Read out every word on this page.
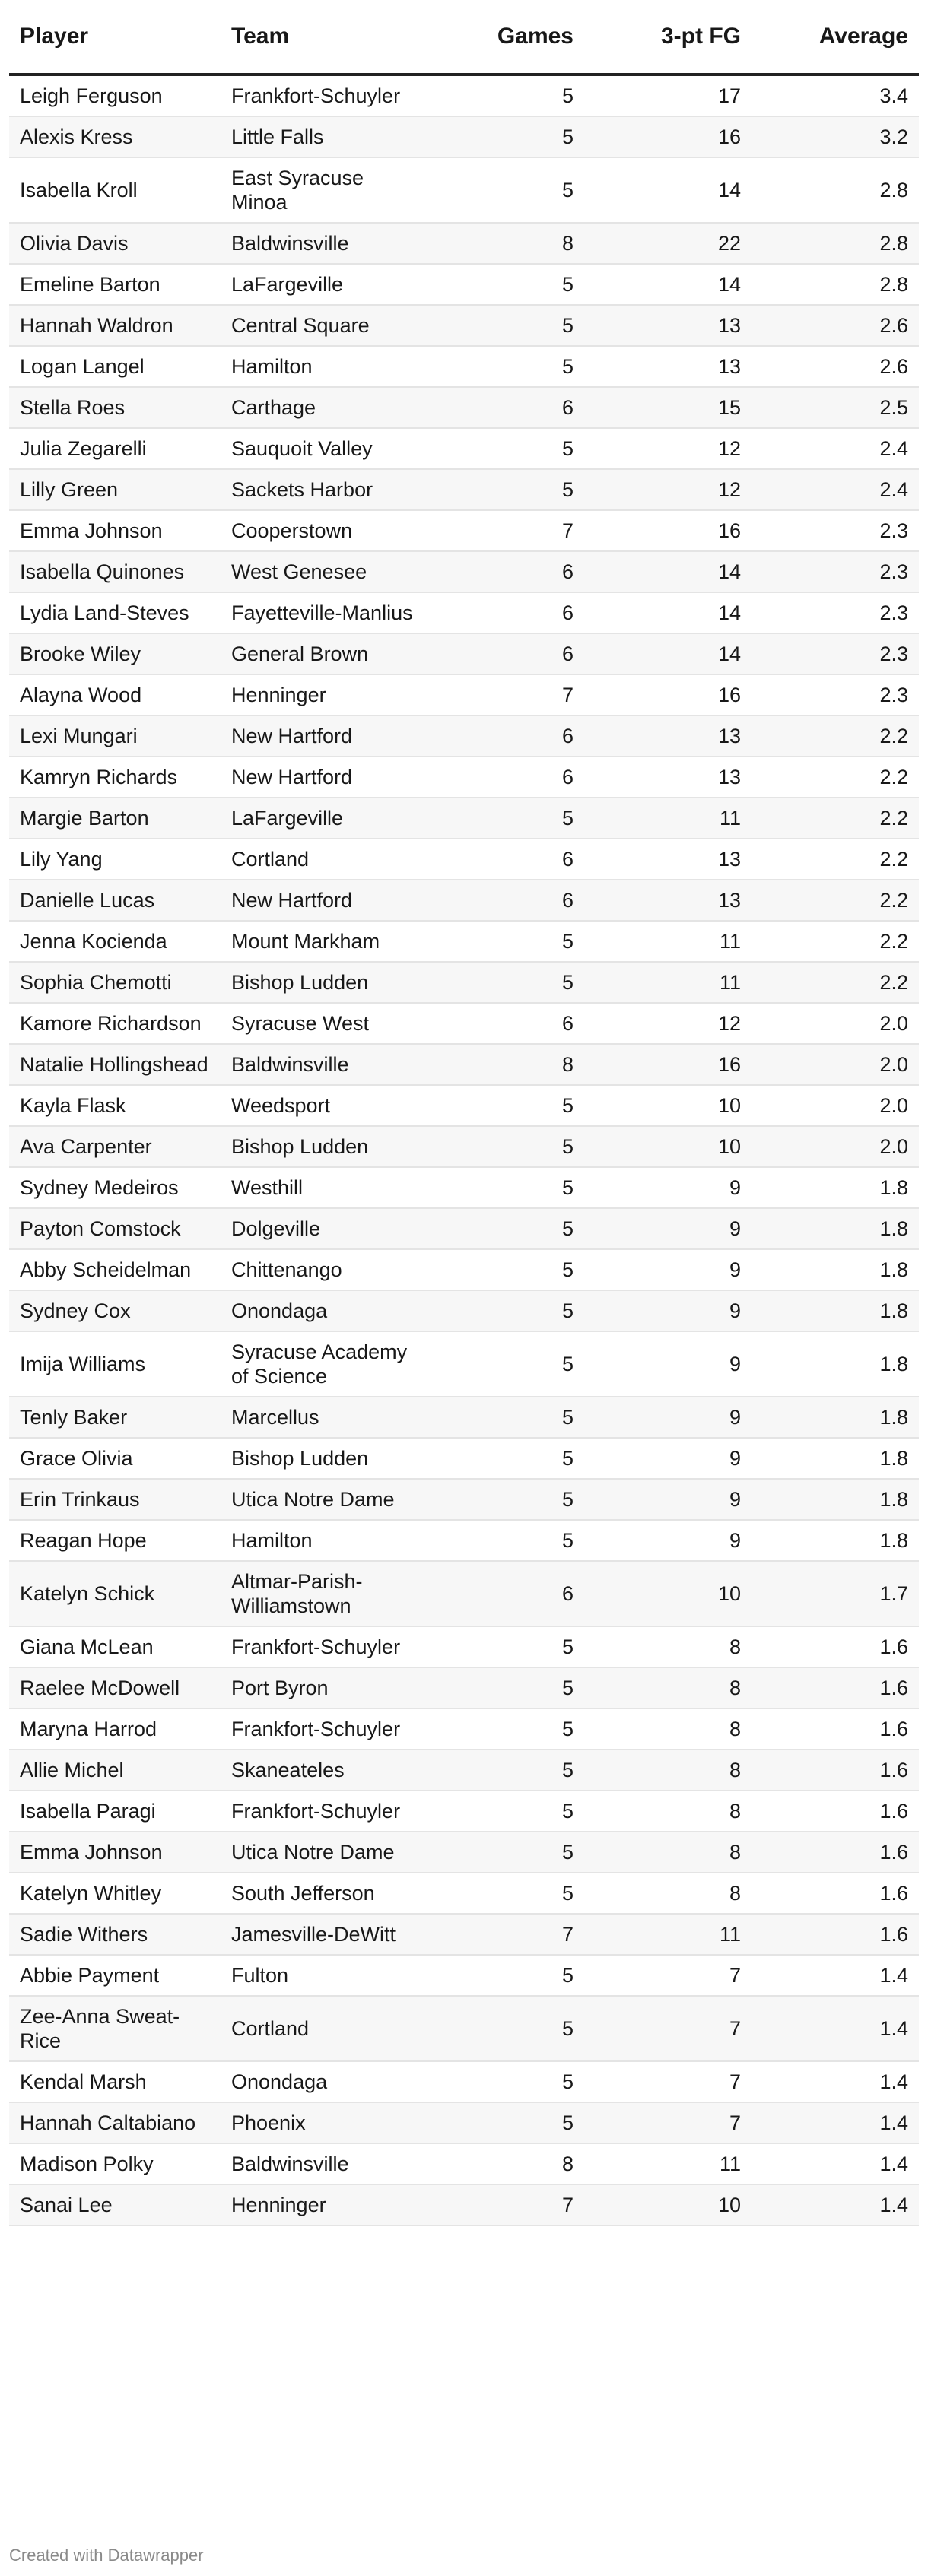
Player	Team	Games	3-pt FG	Average
Leigh Ferguson	Frankfort-Schuyler	5	17	3.4
Alexis Kress	Little Falls	5	16	3.2
Isabella Kroll	East Syracuse Minoa	5	14	2.8
Olivia Davis	Baldwinsville	8	22	2.8
Emeline Barton	LaFargeville	5	14	2.8
Hannah Waldron	Central Square	5	13	2.6
Logan Langel	Hamilton	5	13	2.6
Stella Roes	Carthage	6	15	2.5
Julia Zegarelli	Sauquoit Valley	5	12	2.4
Lilly Green	Sackets Harbor	5	12	2.4
Emma Johnson	Cooperstown	7	16	2.3
Isabella Quinones	West Genesee	6	14	2.3
Lydia Land-Steves	Fayetteville-Manlius	6	14	2.3
Brooke Wiley	General Brown	6	14	2.3
Alayna Wood	Henninger	7	16	2.3
Lexi Mungari	New Hartford	6	13	2.2
Kamryn Richards	New Hartford	6	13	2.2
Margie Barton	LaFargeville	5	11	2.2
Lily Yang	Cortland	6	13	2.2
Danielle Lucas	New Hartford	6	13	2.2
Jenna Kocienda	Mount Markham	5	11	2.2
Sophia Chemotti	Bishop Ludden	5	11	2.2
Kamore Richardson	Syracuse West	6	12	2.0
Natalie Hollingshead	Baldwinsville	8	16	2.0
Kayla Flask	Weedsport	5	10	2.0
Ava Carpenter	Bishop Ludden	5	10	2.0
Sydney Medeiros	Westhill	5	9	1.8
Payton Comstock	Dolgeville	5	9	1.8
Abby Scheidelman	Chittenango	5	9	1.8
Sydney Cox	Onondaga	5	9	1.8
Imija Williams	Syracuse Academy of Science	5	9	1.8
Tenly Baker	Marcellus	5	9	1.8
Grace Olivia	Bishop Ludden	5	9	1.8
Erin Trinkaus	Utica Notre Dame	5	9	1.8
Reagan Hope	Hamilton	5	9	1.8
Katelyn Schick	Altmar-Parish-Williamstown	6	10	1.7
Giana McLean	Frankfort-Schuyler	5	8	1.6
Raelee McDowell	Port Byron	5	8	1.6
Maryna Harrod	Frankfort-Schuyler	5	8	1.6
Allie Michel	Skaneateles	5	8	1.6
Isabella Paragi	Frankfort-Schuyler	5	8	1.6
Emma Johnson	Utica Notre Dame	5	8	1.6
Katelyn Whitley	South Jefferson	5	8	1.6
Sadie Withers	Jamesville-DeWitt	7	11	1.6
Abbie Payment	Fulton	5	7	1.4
Zee-Anna Sweat-Rice	Cortland	5	7	1.4
Kendal Marsh	Onondaga	5	7	1.4
Hannah Caltabiano	Phoenix	5	7	1.4
Madison Polky	Baldwinsville	8	11	1.4
Sanai Lee	Henninger	7	10	1.4
Created with Datawrapper
